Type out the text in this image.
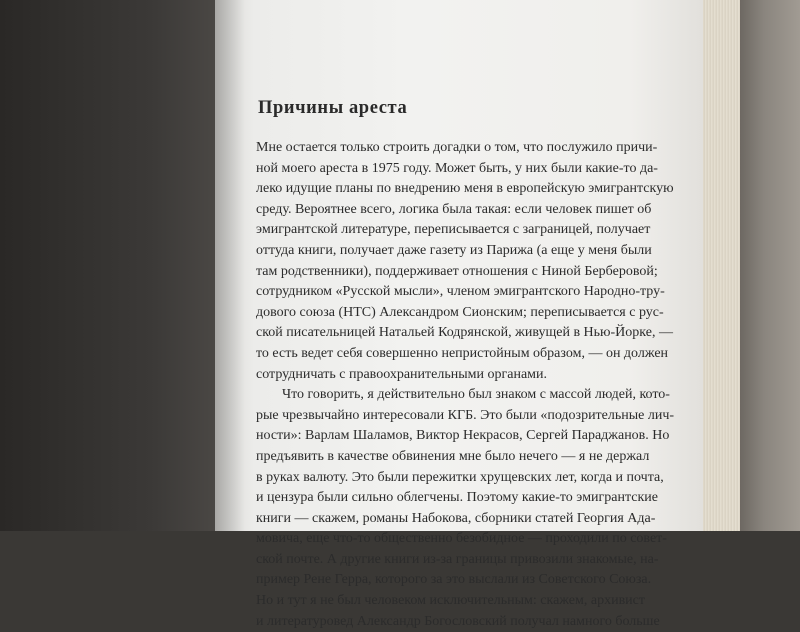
Причины ареста
Мне остается только строить догадки о том, что послужило причи-
ной моего ареста в 1975 году. Может быть, у них были какие-то да-
леко идущие планы по внедрению меня в европейскую эмигрантскую
среду. Вероятнее всего, логика была такая: если человек пишет об
эмигрантской литературе, переписывается с заграницей, получает
оттуда книги, получает даже газету из Парижа (а еще у меня были
там родственники), поддерживает отношения с Ниной Берберовой;
сотрудником «Русской мысли», членом эмигрантского Народно-тру-
дового союза (НТС) Александром Сионским; переписывается с рус-
ской писательницей Натальей Кодрянской, живущей в Нью-Йорке, —
то есть ведет себя совершенно непристойным образом, — он должен
сотрудничать с правоохранительными органами.
Что говорить, я действительно был знаком с массой людей, кото-
рые чрезвычайно интересовали КГБ. Это были «подозрительные лич-
ности»: Варлам Шаламов, Виктор Некрасов, Сергей Параджанов. Но
предъявить в качестве обвинения мне было нечего — я не держал
в руках валюту. Это были пережитки хрущевских лет, когда и почта,
и цензура были сильно облегчены. Поэтому какие-то эмигрантские
книги — скажем, романы Набокова, сборники статей Георгия Ада-
мовича, еще что-то общественно безобидное — проходили по совет-
ской почте. А другие книги из-за границы привозили знакомые, на-
пример Рене Герра, которого за это выслали из Советского Союза.
Но и тут я не был человеком исключительным: скажем, архивист
и литературовед Александр Богословский получал намного больше
